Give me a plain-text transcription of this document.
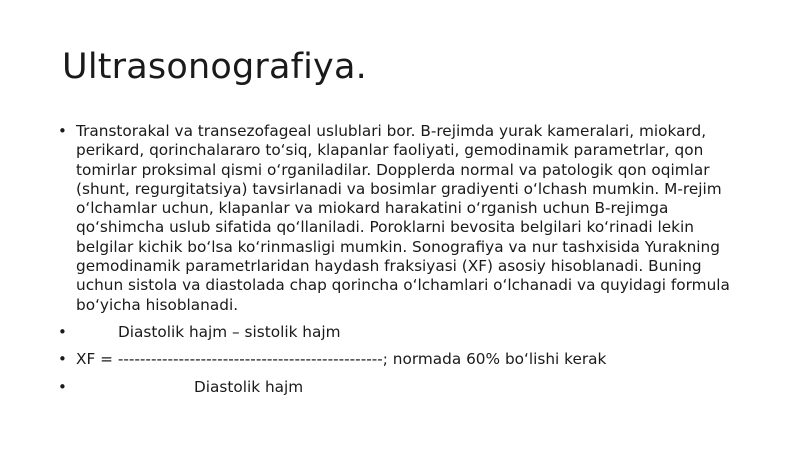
Ultrasonografiya.
• Transtorakal va transezofageal uslublari bor. B-rejimda yurak kameralari, miokard, perikard, qorinchalararo to‘siq, klapanlar faoliyati, gemodinamik parametrlar, qon tomirlar proksimal qismi o‘rganiladilar. Dopplerda normal va patologik qon oqimlar (shunt, regurgitatsiya) tavsirlanadi va bosimlar gradiyenti o‘lchash mumkin. M-rejim o‘lchamlar uchun, klapanlar va miokard harakatini o‘rganish uchun B-rejimga qo‘shimcha uslub sifatida qo‘llaniladi. Poroklarni bevosita belgilari ko‘rinadi lekin belgilar kichik bo‘lsa ko‘rinmasligi mumkin. Sonografiya va nur tashxisida Yurakning gemodinamik parametrlaridan haydash fraksiyasi (XF) asosiy hisoblanadi. Buning uchun sistola va diastolada chap qorincha o‘lchamlari o‘lchanadi va quyidagi formula bo‘yicha hisoblanadi.
•	Diastolik hajm – sistolik hajm
• XF = ------------------------------------------------; normada 60% bo‘lishi kerak
•	Diastolik hajm
